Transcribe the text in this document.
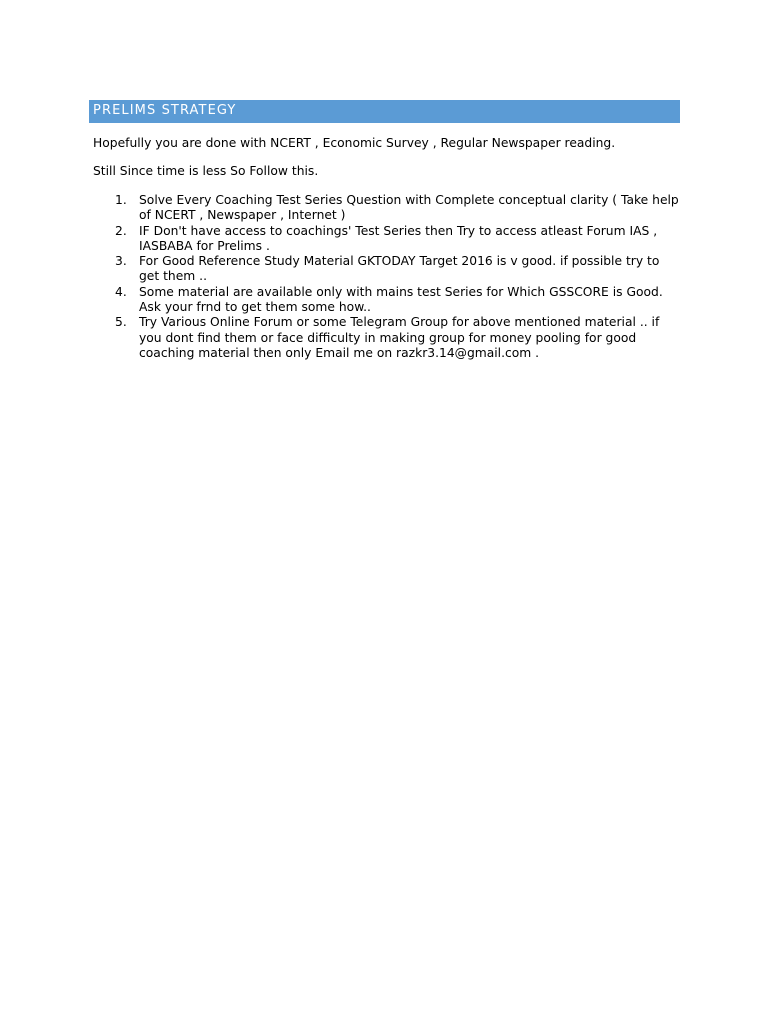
PRELIMS STRATEGY

Hopefully you are done with NCERT , Economic Survey , Regular Newspaper reading.

Still Since time is less So Follow this.

1. Solve Every Coaching Test Series Question with Complete conceptual clarity ( Take help of NCERT , Newspaper , Internet )
2. IF Don't have access to coachings' Test Series then Try to access atleast Forum IAS , IASBABA for Prelims .
3. For Good Reference Study Material GKTODAY Target 2016 is v good. if possible try to get them ..
4. Some material are available only with mains test Series for Which GSSCORE is Good. Ask your frnd to get them some how..
5. Try Various Online Forum or some Telegram Group for above mentioned material .. if you dont find them or face difficulty in making group for money pooling for good coaching material then only Email me on razkr3.14@gmail.com .
